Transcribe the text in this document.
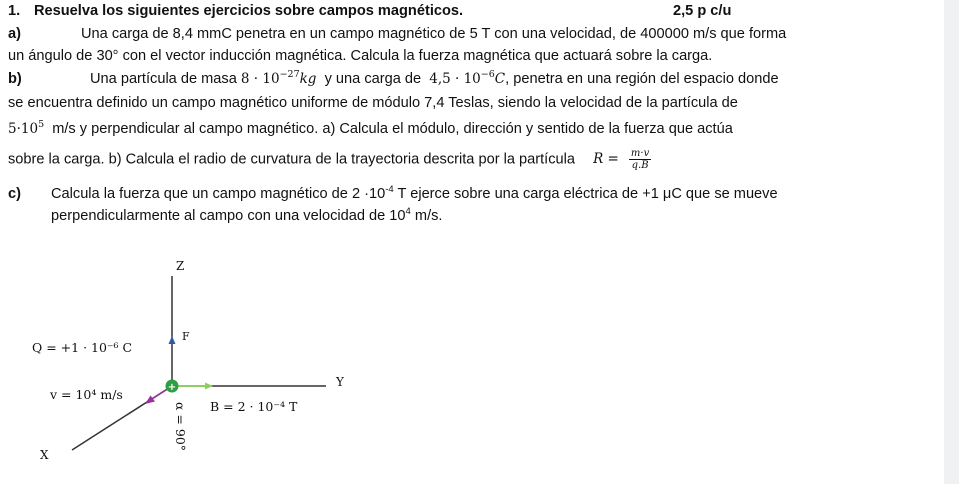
1. Resuelva los siguientes ejercicios sobre campos magnéticos.	2,5 p c/u
a)	Una carga de 8,4 mmC penetra en un campo magnético de 5 T con una velocidad, de 400000 m/s que forma
un ángulo de 30° con el vector inducción magnética. Calcula la fuerza magnética que actuará sobre la carga.
b)	Una partícula de masa $8 \cdot 10^{-27}kg$ y una carga de $4,5 \cdot 10^{-6}C$, penetra en una región del espacio donde
se encuentra definido un campo magnético uniforme de módulo 7,4 Teslas, siendo la velocidad de la partícula de
$5\cdot 10^5$ m/s y perpendicular al campo magnético. a) Calcula el módulo, dirección y sentido de la fuerza que actúa
sobre la carga. b) Calcula el radio de curvatura de la trayectoria descrita por la partícula $R = \frac{m\cdot v}{q.B}$
c) Calcula la fuerza que un campo magnético de $2 \cdot 10^{-4}$ T ejerce sobre una carga eléctrica de +1 μC que se mueve
perpendicularmente al campo con una velocidad de $10^4$ m/s.
Z
Y
X
F
+
Q = +1 · 10⁻⁶ C
v = 10⁴ m/s
B = 2 · 10⁻⁴ T
α = 90°
